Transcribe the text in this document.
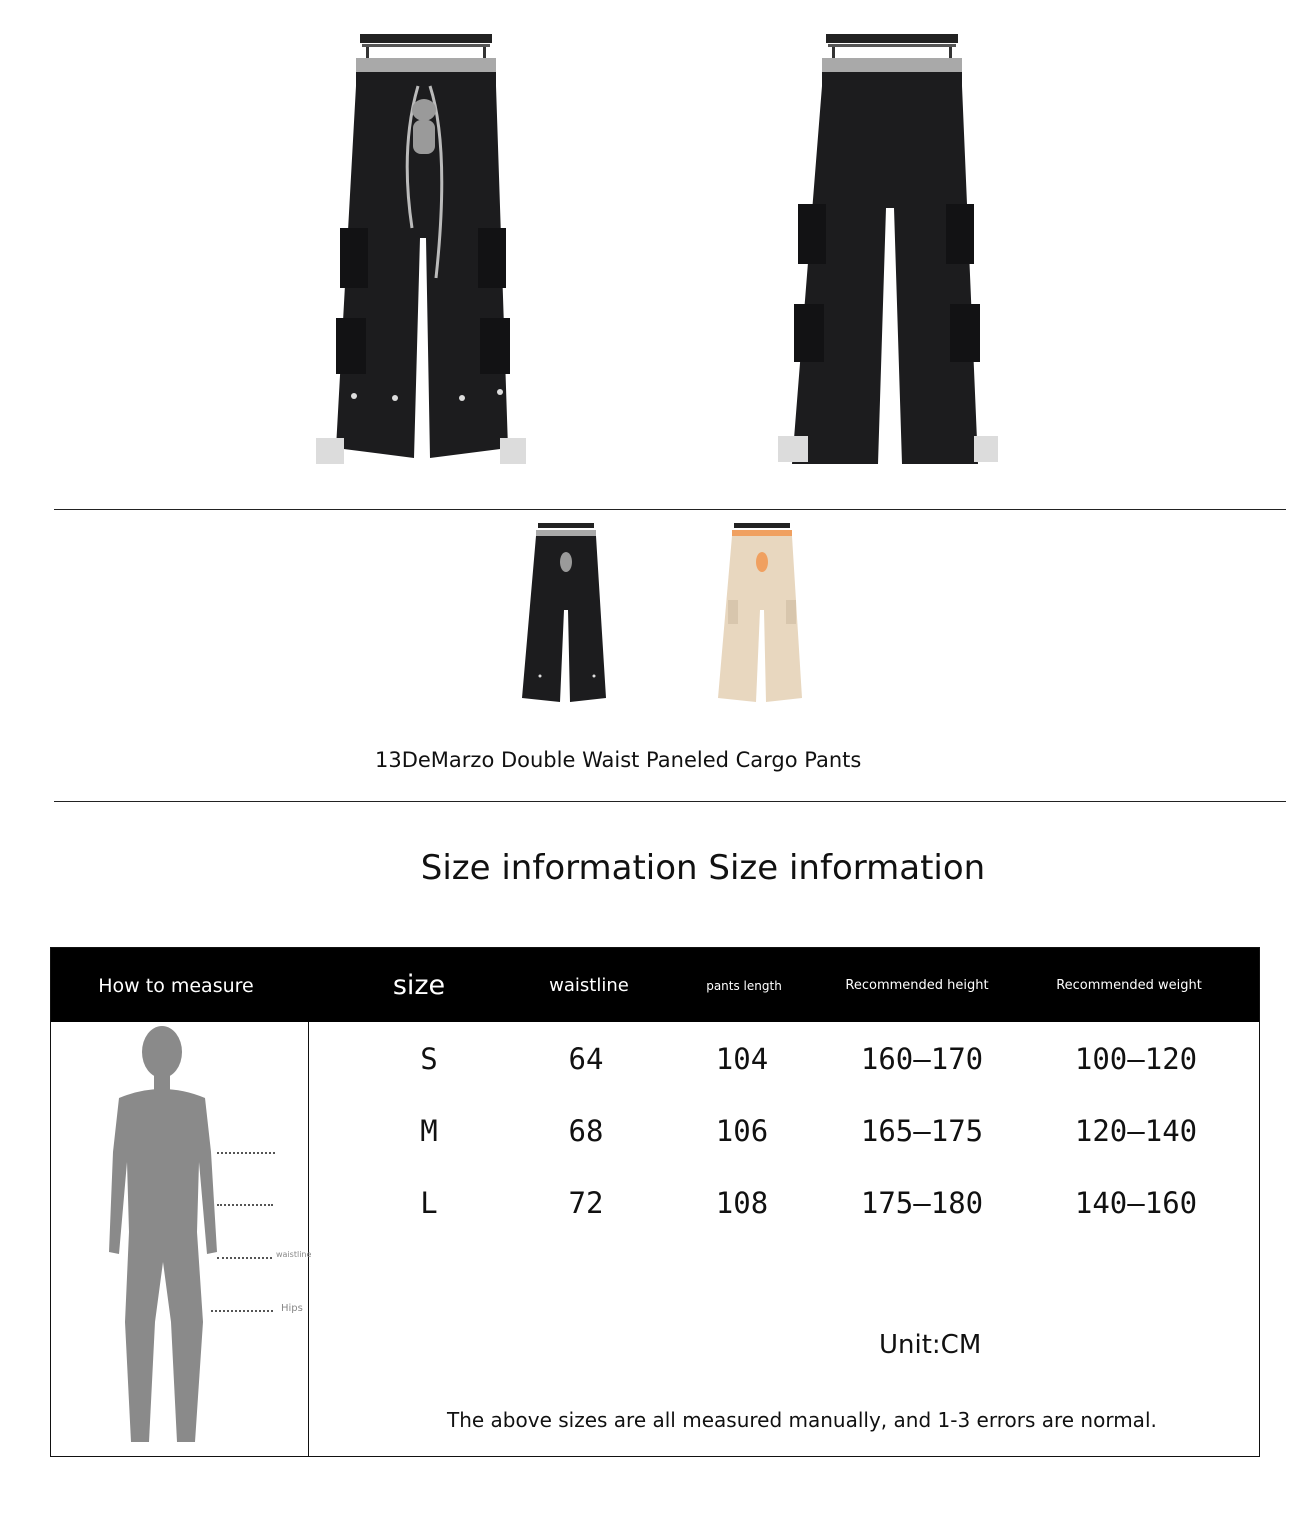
13DeMarzo Double Waist Paneled Cargo Pants
Size information Size information
How to measure	size	waistline	pants length	Recommended height	Recommended weight
waistline
Hips
S	64	104	160–170	100–120
M	68	106	165–175	120–140
L	72	108	175–180	140–160
Unit:CM
The above sizes are all measured manually, and 1-3 errors are normal.
